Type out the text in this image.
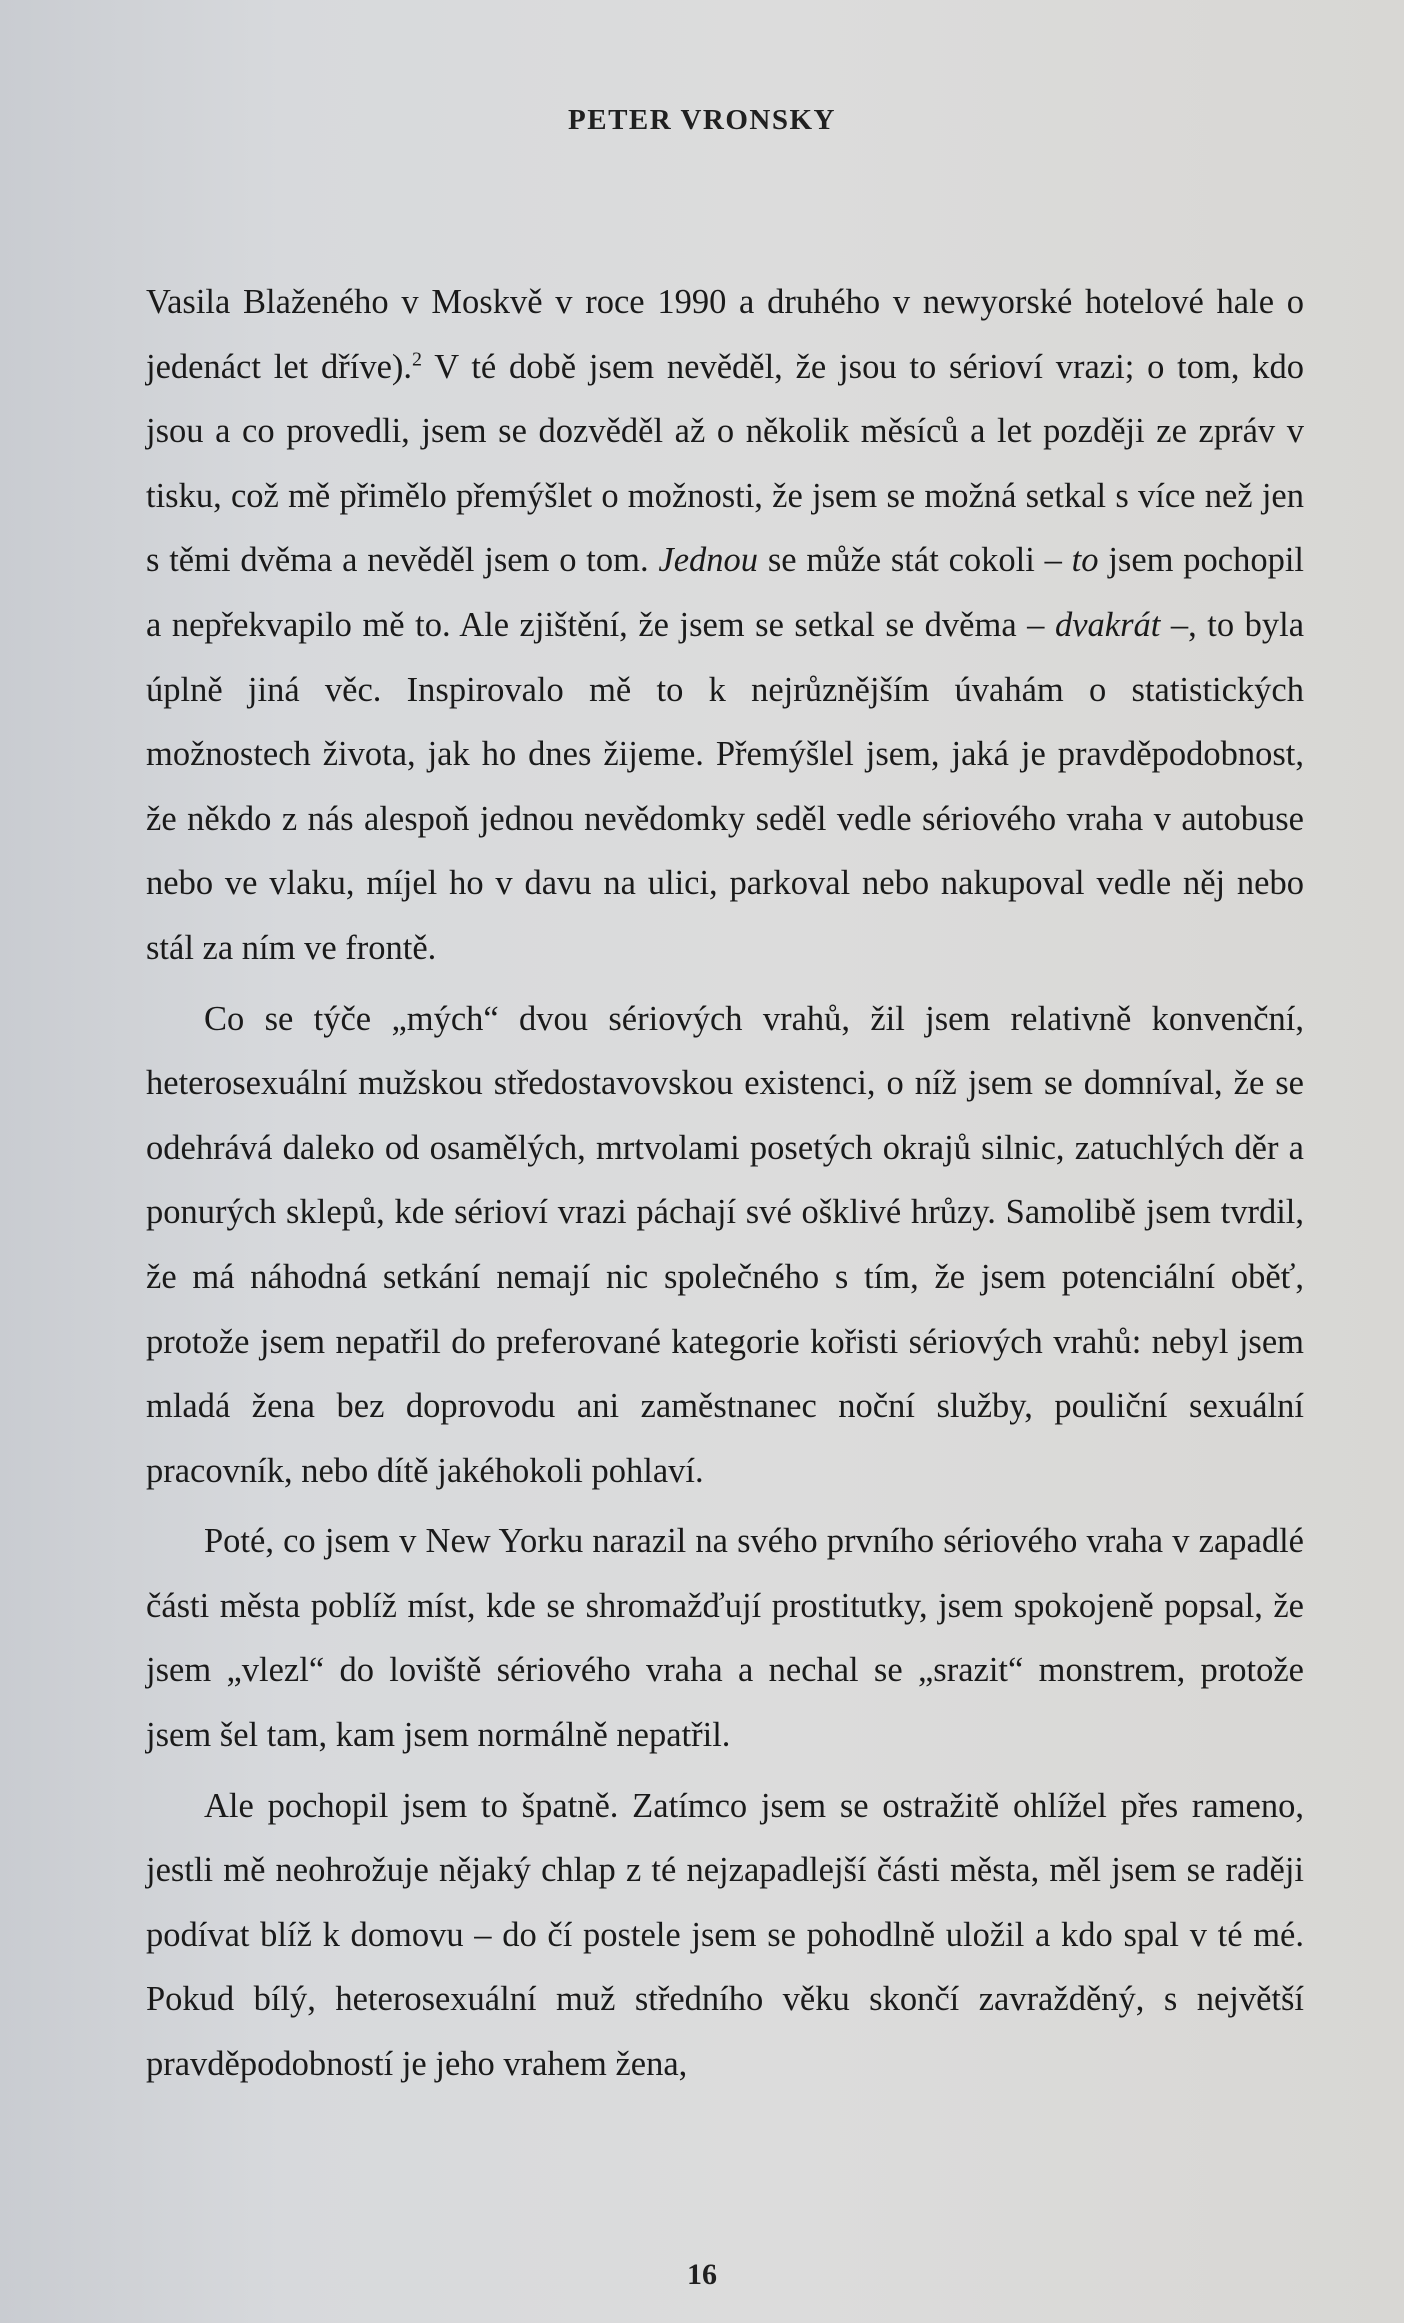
PETER VRONSKY

Vasila Blaženého v Moskvě v roce 1990 a druhého v newyorské hotelové hale o jedenáct let dříve).$^2$ V té době jsem nevěděl, že jsou to sérioví vrazi; o tom, kdo jsou a co provedli, jsem se dozvěděl až o několik měsíců a let později ze zpráv v tisku, což mě přimělo přemýšlet o možnosti, že jsem se možná setkal s více než jen s těmi dvěma a nevěděl jsem o tom. Jednou se může stát cokoli – to jsem pochopil a nepřekvapilo mě to. Ale zjištění, že jsem se setkal se dvěma – dvakrát –, to byla úplně jiná věc. Inspirovalo mě to k nejrůznějším úvahám o statistických možnostech života, jak ho dnes žijeme. Přemýšlel jsem, jaká je pravděpodobnost, že někdo z nás alespoň jednou nevědomky seděl vedle sériového vraha v autobuse nebo ve vlaku, míjel ho v davu na ulici, parkoval nebo nakupoval vedle něj nebo stál za ním ve frontě.

Co se týče „mých“ dvou sériových vrahů, žil jsem relativně konvenční, heterosexuální mužskou středostavovskou existenci, o níž jsem se domníval, že se odehrává daleko od osamělých, mrtvolami posetých okrajů silnic, zatuchlých děr a ponurých sklepů, kde sérioví vrazi páchají své ošklivé hrůzy. Samolibě jsem tvrdil, že má náhodná setkání nemají nic společného s tím, že jsem potenciální oběť, protože jsem nepatřil do preferované kategorie kořisti sériových vrahů: nebyl jsem mladá žena bez doprovodu ani zaměstnanec noční služby, pouliční sexuální pracovník, nebo dítě jakéhokoli pohlaví.

Poté, co jsem v New Yorku narazil na svého prvního sériového vraha v zapadlé části města poblíž míst, kde se shromažďují prostitutky, jsem spokojeně popsal, že jsem „vlezl“ do loviště sériového vraha a nechal se „srazit“ monstrem, protože jsem šel tam, kam jsem normálně nepatřil.

Ale pochopil jsem to špatně. Zatímco jsem se ostražitě ohlížel přes rameno, jestli mě neohrožuje nějaký chlap z té nejzapadlejší části města, měl jsem se raději podívat blíž k domovu – do čí postele jsem se pohodlně uložil a kdo spal v té mé. Pokud bílý, heterosexuální muž středního věku skončí zavražděný, s největší pravděpodobností je jeho vrahem žena,

16
